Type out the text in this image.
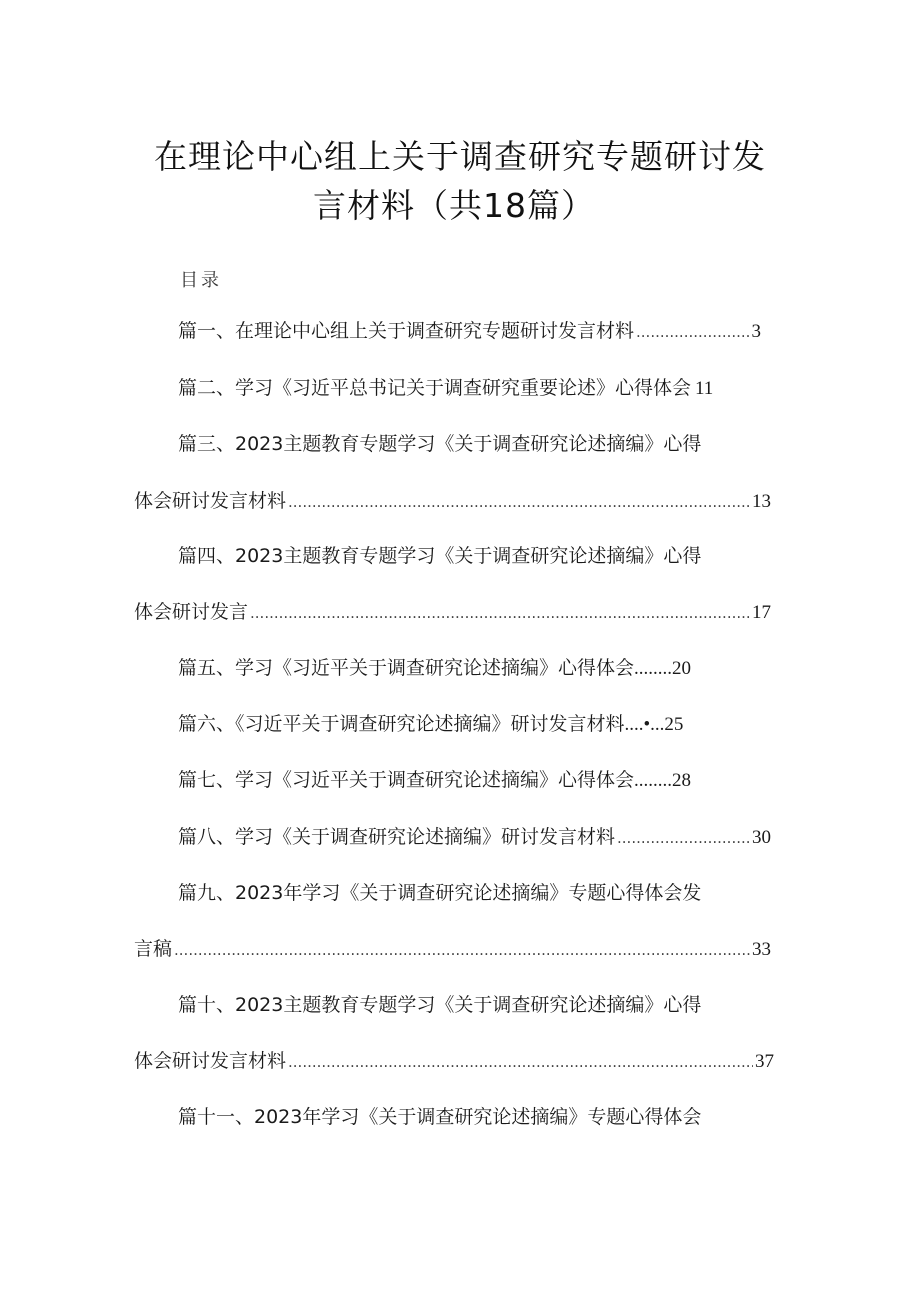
在理论中心组上关于调查研究专题研讨发
言材料（共18篇）
目录
篇一、在理论中心组上关于调查研究专题研讨发言材料 .....	3
篇二、学习《习近平总书记关于调查研究重要论述》心得体会 11
篇三、2023主题教育专题学习《关于调查研究论述摘编》心得
体会研讨发言材料 .....	13
篇四、2023主题教育专题学习《关于调查研究论述摘编》心得
体会研讨发言 .....	17
篇五、学习《习近平关于调查研究论述摘编》心得体会 ........ 20
篇六、《习近平关于调查研究论述摘编》研讨发言材料 ....•... 25
篇七、学习《习近平关于调查研究论述摘编》心得体会 ........ 28
篇八、学习《关于调查研究论述摘编》研讨发言材料 .....	30
篇九、2023年学习《关于调查研究论述摘编》专题心得体会发
言稿 .....	33
篇十、2023主题教育专题学习《关于调查研究论述摘编》心得
体会研讨发言材料 .....	37
篇十一、2023年学习《关于调查研究论述摘编》专题心得体会
